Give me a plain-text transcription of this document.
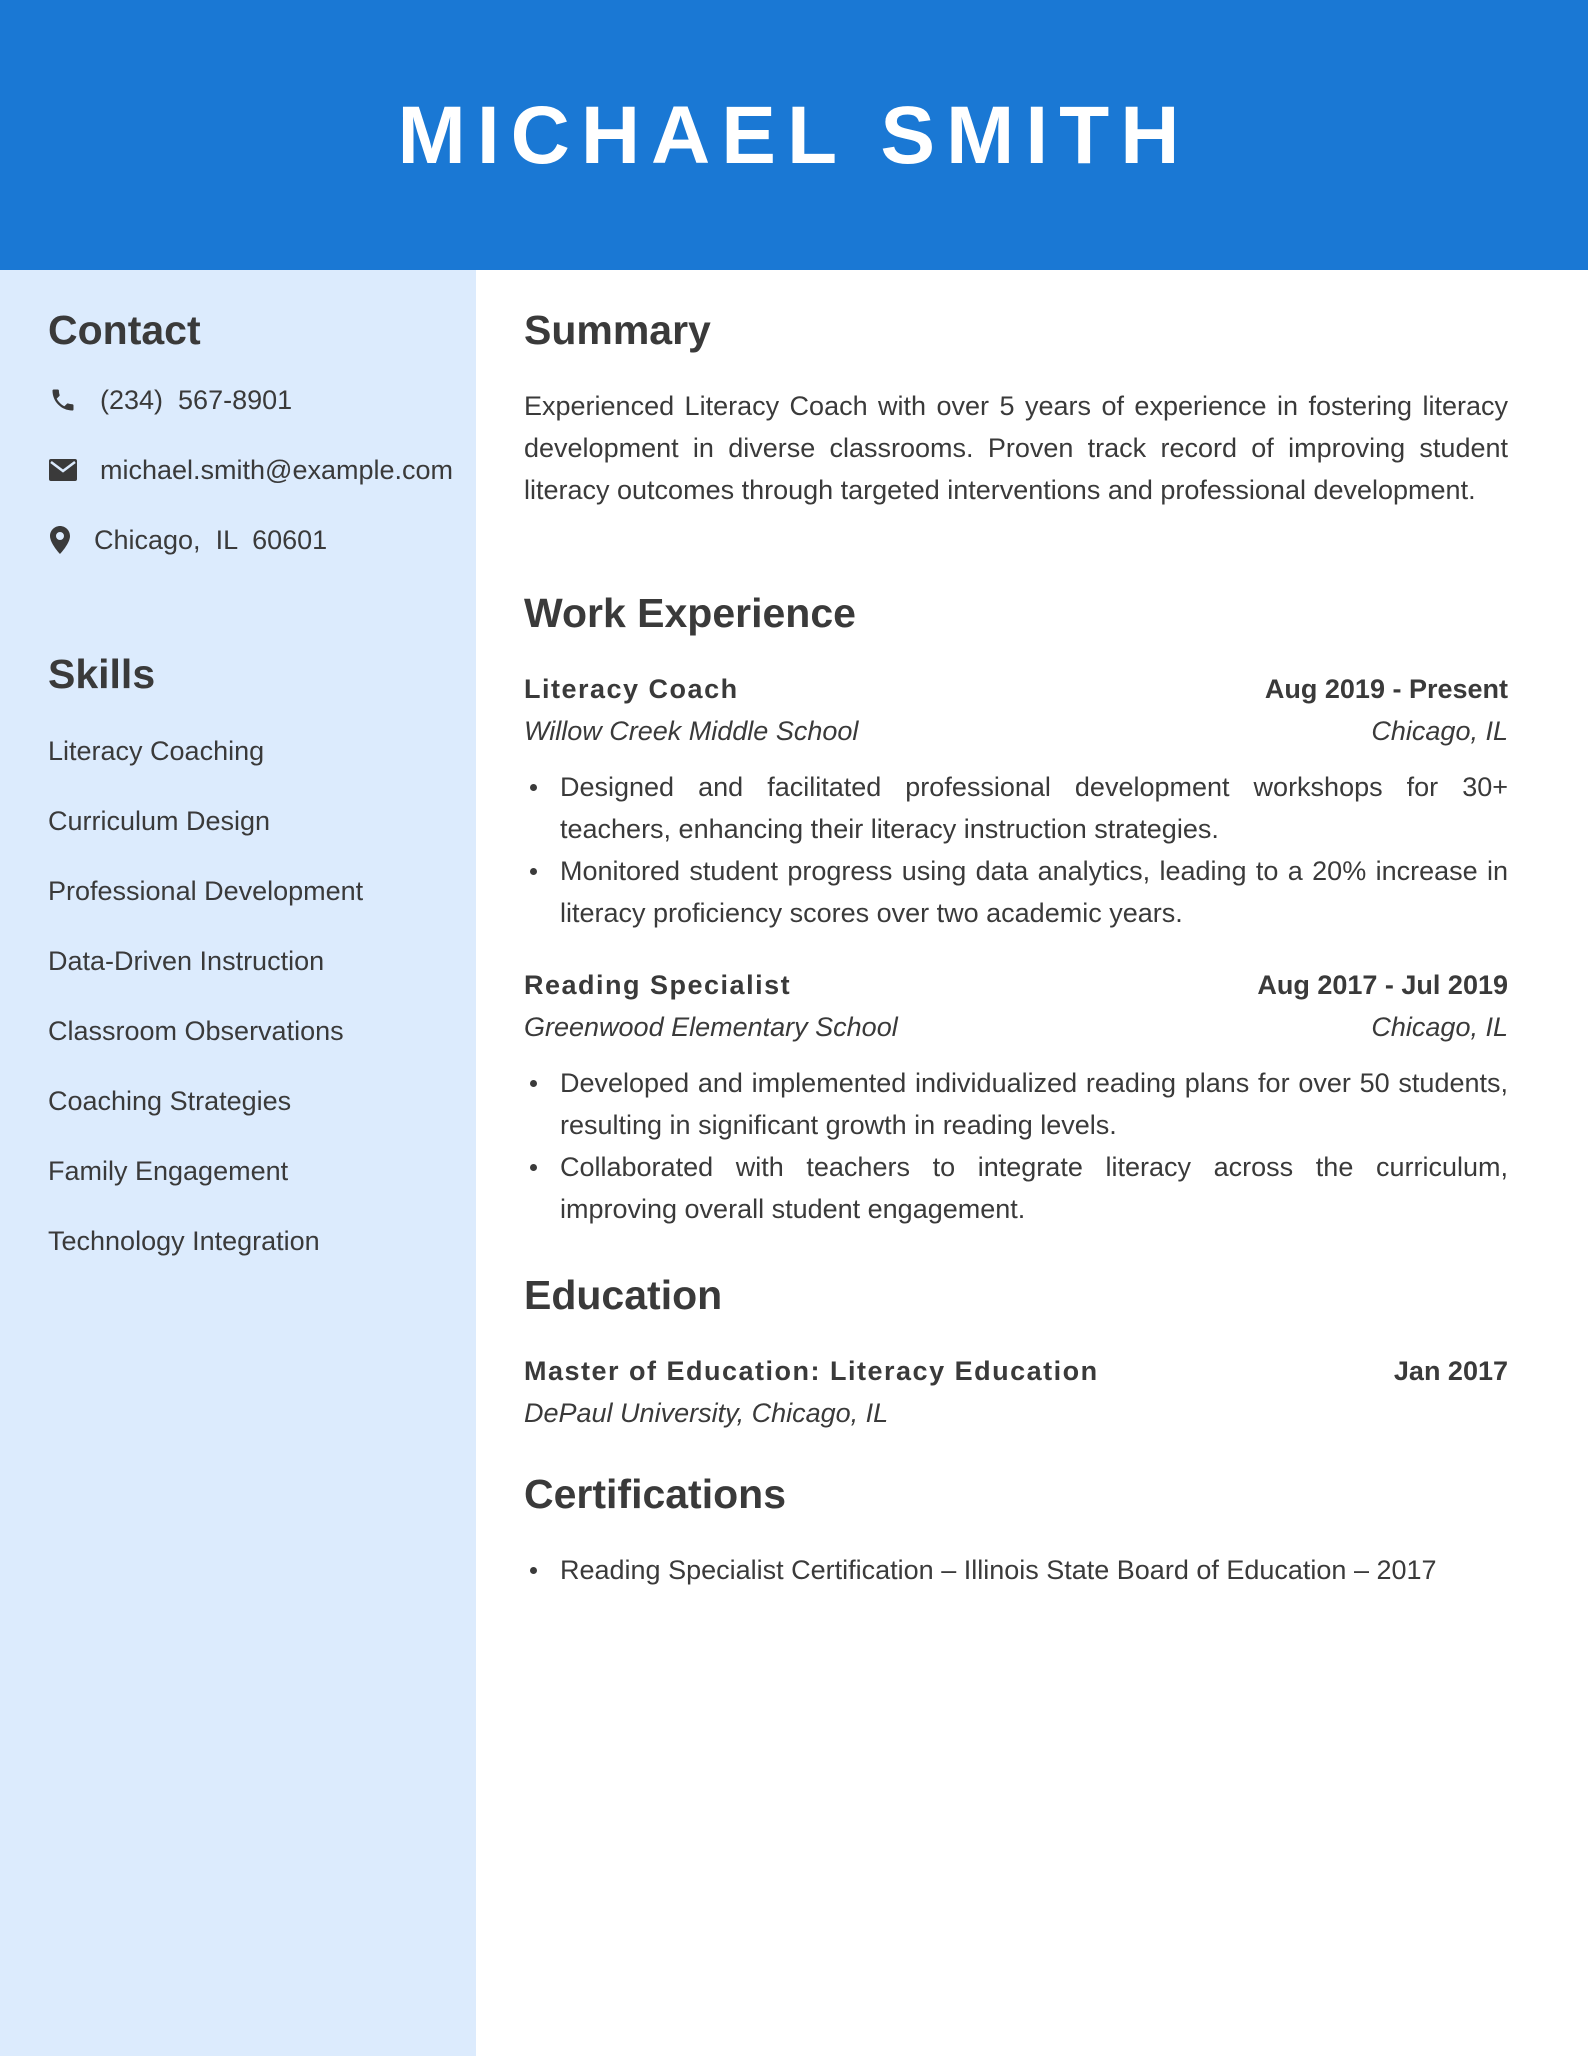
MICHAEL SMITH
Contact
(234)  567-8901
michael.smith@example.com
Chicago,  IL  60601
Skills
Literacy Coaching
Curriculum Design
Professional Development
Data-Driven Instruction
Classroom Observations
Coaching Strategies
Family Engagement
Technology Integration
Summary
Experienced Literacy Coach with over 5 years of experience in fostering literacy development in diverse classrooms. Proven track record of improving student literacy outcomes through targeted interventions and professional development.
Work Experience
Literacy Coach	Aug 2019 - Present
Willow Creek Middle School	Chicago, IL
Designed and facilitated professional development workshops for 30+ teachers, enhancing their literacy instruction strategies.
Monitored student progress using data analytics, leading to a 20% increase in literacy proficiency scores over two academic years.
Reading Specialist	Aug 2017 - Jul 2019
Greenwood Elementary School	Chicago, IL
Developed and implemented individualized reading plans for over 50 students, resulting in significant growth in reading levels.
Collaborated with teachers to integrate literacy across the curriculum, improving overall student engagement.
Education
Master of Education: Literacy Education	Jan 2017
DePaul University, Chicago, IL
Certifications
Reading Specialist Certification – Illinois State Board of Education – 2017
